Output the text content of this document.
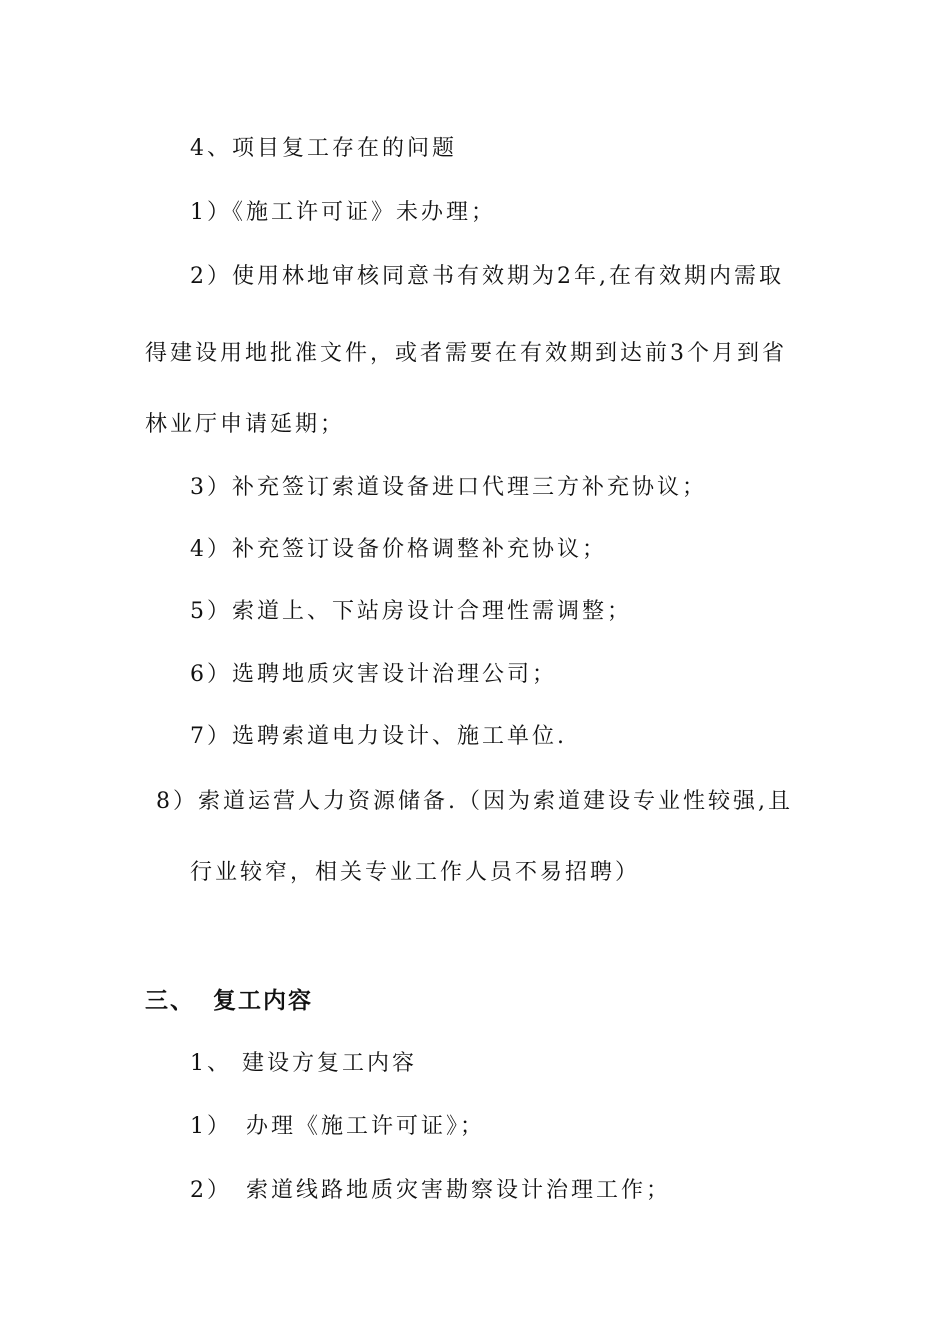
4、项目复工存在的问题
1）《施工许可证》未办理；
2）使用林地审核同意书有效期为2年,在有效期内需取
得建设用地批准文件，或者需要在有效期到达前3个月到省
林业厅申请延期；
3）补充签订索道设备进口代理三方补充协议；
4）补充签订设备价格调整补充协议；
5）索道上、下站房设计合理性需调整；
6）选聘地质灾害设计治理公司；
7）选聘索道电力设计、施工单位.
8）索道运营人力资源储备.（因为索道建设专业性较强,且
行业较窄，相关专业工作人员不易招聘）
三、 复工内容
1、 建设方复工内容
1） 办理《施工许可证》；
2） 索道线路地质灾害勘察设计治理工作；
